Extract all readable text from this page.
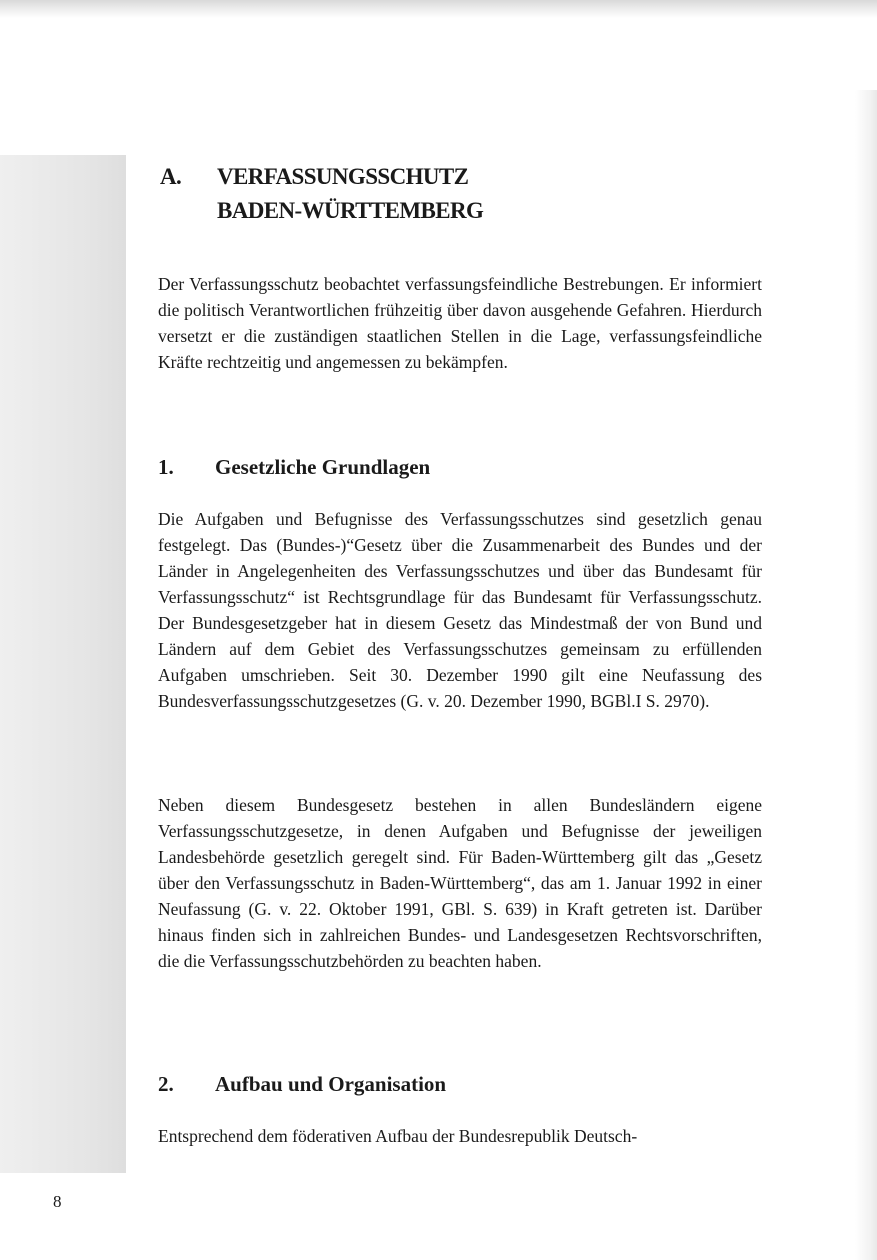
A. VERFASSUNGSSCHUTZ
BADEN-WÜRTTEMBERG

Der Verfassungsschutz beobachtet verfassungsfeindliche Bestrebungen. Er informiert die politisch Verantwortlichen frühzeitig über davon ausgehende Gefahren. Hierdurch versetzt er die zuständigen staatlichen Stellen in die Lage, verfassungsfeindliche Kräfte rechtzeitig und angemessen zu bekämpfen.

1. Gesetzliche Grundlagen

Die Aufgaben und Befugnisse des Verfassungsschutzes sind gesetzlich genau festgelegt. Das (Bundes-)“Gesetz über die Zusammenarbeit des Bundes und der Länder in Angelegenheiten des Verfassungsschutzes und über das Bundesamt für Verfassungsschutz“ ist Rechtsgrundlage für das Bundesamt für Verfassungsschutz. Der Bundesgesetzgeber hat in diesem Gesetz das Mindestmaß der von Bund und Ländern auf dem Gebiet des Verfassungsschutzes gemeinsam zu erfüllenden Aufgaben umschrieben. Seit 30. Dezember 1990 gilt eine Neufassung des Bundesverfassungsschutzgesetzes (G. v. 20. Dezember 1990, BGBl.I S. 2970).

Neben diesem Bundesgesetz bestehen in allen Bundesländern eigene Verfassungsschutzgesetze, in denen Aufgaben und Befugnisse der jeweiligen Landesbehörde gesetzlich geregelt sind. Für Baden-Württemberg gilt das „Gesetz über den Verfassungsschutz in Baden-Württemberg“, das am 1. Januar 1992 in einer Neufassung (G. v. 22. Oktober 1991, GBl. S. 639) in Kraft getreten ist. Darüber hinaus finden sich in zahlreichen Bundes- und Landesgesetzen Rechtsvorschriften, die die Verfassungsschutzbehörden zu beachten haben.

2. Aufbau und Organisation

Entsprechend dem föderativen Aufbau der Bundesrepublik Deutsch-

8
